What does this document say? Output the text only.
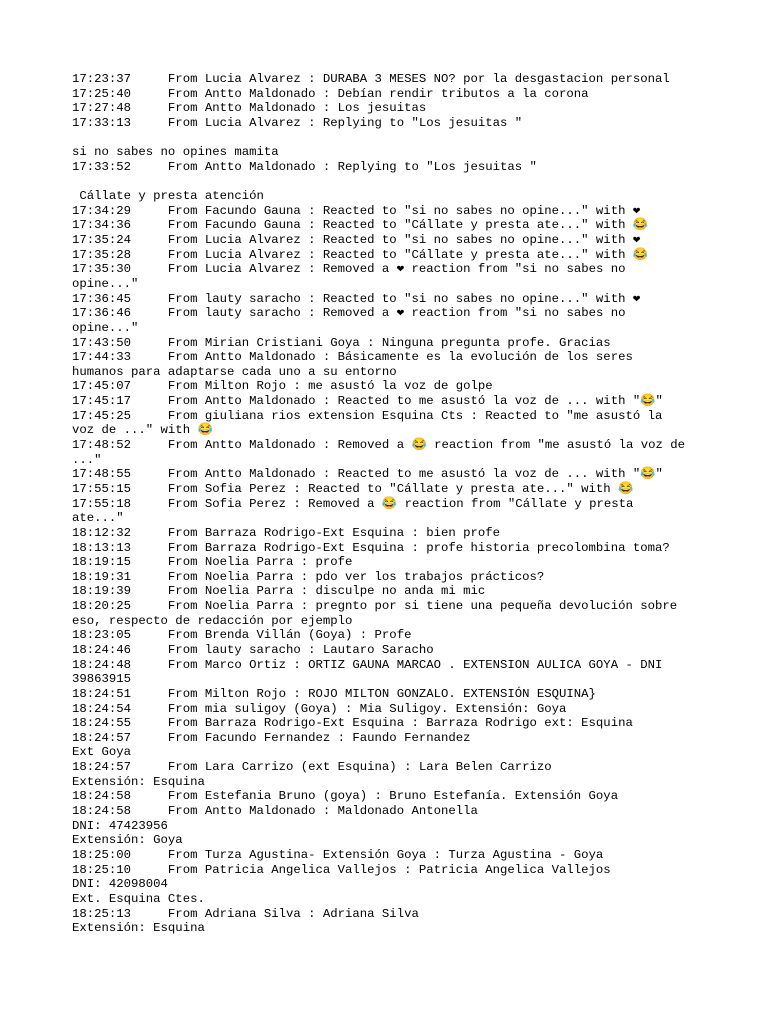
17:23:37     From Lucia Alvarez : DURABA 3 MESES NO? por la desgastacion personal
17:25:40     From Antto Maldonado : Debían rendir tributos a la corona
17:27:48     From Antto Maldonado : Los jesuitas
17:33:13     From Lucia Alvarez : Replying to "Los jesuitas "

si no sabes no opines mamita
17:33:52     From Antto Maldonado : Replying to "Los jesuitas "

Cállate y presta atención
17:34:29     From Facundo Gauna : Reacted to "si no sabes no opine..." with ❤
17:34:36     From Facundo Gauna : Reacted to "Cállate y presta ate..." with 😂
17:35:24     From Lucia Alvarez : Reacted to "si no sabes no opine..." with ❤
17:35:28     From Lucia Alvarez : Reacted to "Cállate y presta ate..." with 😂
17:35:30     From Lucia Alvarez : Removed a ❤ reaction from "si no sabes no
opine..."
17:36:45     From lauty saracho : Reacted to "si no sabes no opine..." with ❤
17:36:46     From lauty saracho : Removed a ❤ reaction from "si no sabes no
opine..."
17:43:50     From Mirian Cristiani Goya : Ninguna pregunta profe. Gracias
17:44:33     From Antto Maldonado : Básicamente es la evolución de los seres
humanos para adaptarse cada uno a su entorno
17:45:07     From Milton Rojo : me asustó la voz de golpe
17:45:17     From Antto Maldonado : Reacted to me asustó la voz de ... with "😂"
17:45:25     From giuliana rios extension Esquina Cts : Reacted to "me asustó la
voz de ..." with 😂
17:48:52     From Antto Maldonado : Removed a 😂 reaction from "me asustó la voz de
..."
17:48:55     From Antto Maldonado : Reacted to me asustó la voz de ... with "😂"
17:55:15     From Sofia Perez : Reacted to "Cállate y presta ate..." with 😂
17:55:18     From Sofia Perez : Removed a 😂 reaction from "Cállate y presta
ate..."
18:12:32     From Barraza Rodrigo-Ext Esquina : bien profe
18:13:13     From Barraza Rodrigo-Ext Esquina : profe historia precolombina toma?
18:19:15     From Noelia Parra : profe
18:19:31     From Noelia Parra : pdo ver los trabajos prácticos?
18:19:39     From Noelia Parra : disculpe no anda mi mic
18:20:25     From Noelia Parra : pregnto por si tiene una pequeña devolución sobre
eso, respecto de redacción por ejemplo
18:23:05     From Brenda Villán (Goya) : Profe
18:24:46     From lauty saracho : Lautaro Saracho
18:24:48     From Marco Ortiz : ORTIZ GAUNA MARCAO . EXTENSION AULICA GOYA - DNI
39863915
18:24:51     From Milton Rojo : ROJO MILTON GONZALO. EXTENSIÓN ESQUINA}
18:24:54     From mia suligoy (Goya) : Mia Suligoy. Extensión: Goya
18:24:55     From Barraza Rodrigo-Ext Esquina : Barraza Rodrigo ext: Esquina
18:24:57     From Facundo Fernandez : Faundo Fernandez
Ext Goya
18:24:57     From Lara Carrizo (ext Esquina) : Lara Belen Carrizo
Extensión: Esquina
18:24:58     From Estefania Bruno (goya) : Bruno Estefanía. Extensión Goya
18:24:58     From Antto Maldonado : Maldonado Antonella
DNI: 47423956
Extensión: Goya
18:25:00     From Turza Agustina- Extensión Goya : Turza Agustina - Goya
18:25:10     From Patricia Angelica Vallejos : Patricia Angelica Vallejos
DNI: 42098004
Ext. Esquina Ctes.
18:25:13     From Adriana Silva : Adriana Silva
Extensión: Esquina
